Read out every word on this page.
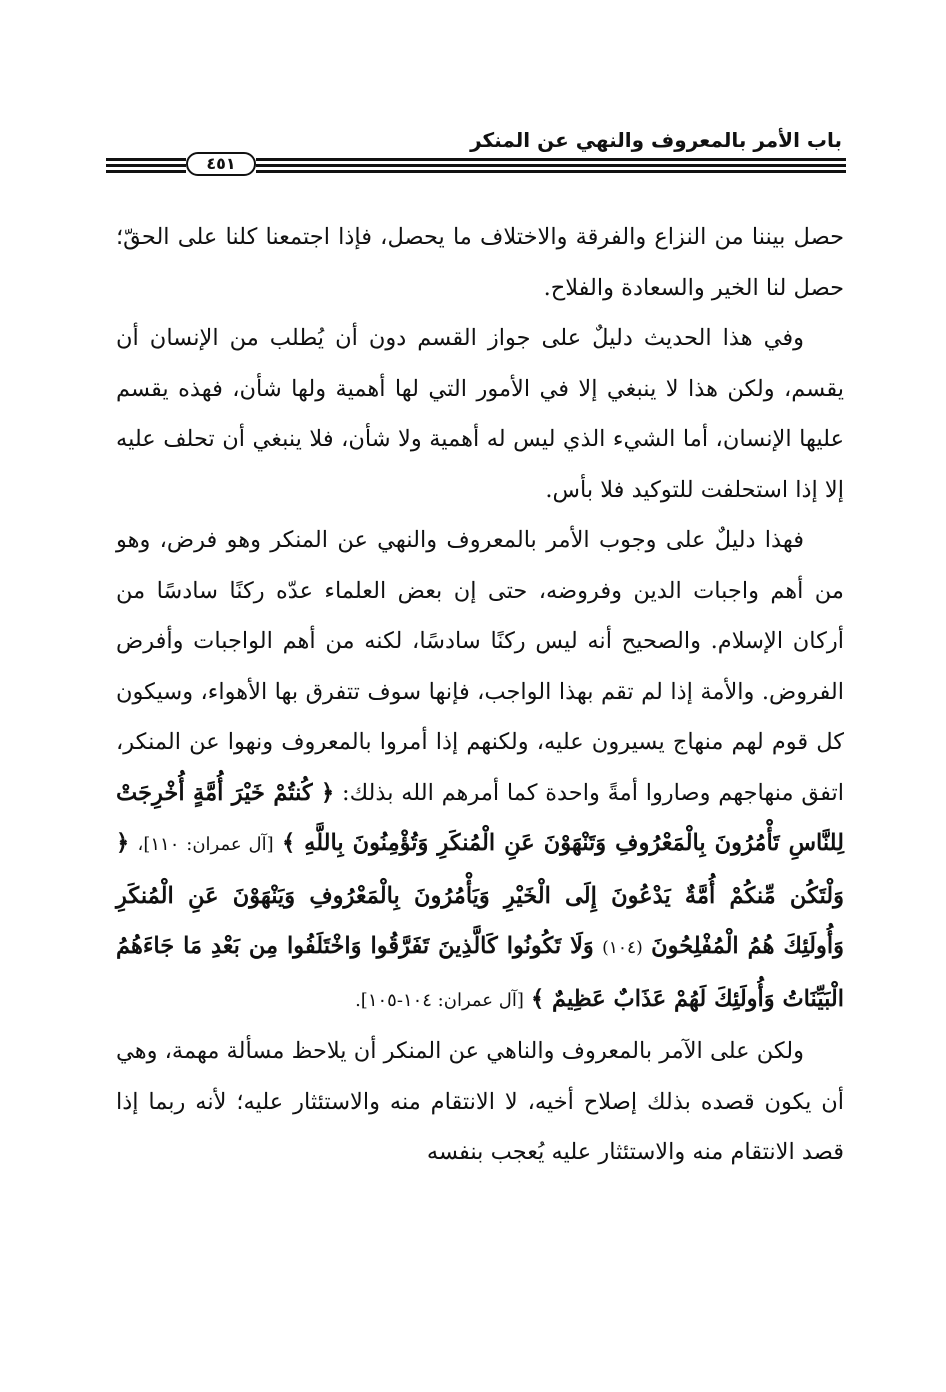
باب الأمر بالمعروف والنهي عن المنكر
٤٥١

حصل بيننا من النزاع والفرقة والاختلاف ما يحصل، فإذا اجتمعنا كلنا على الحقّ؛ حصل لنا الخير والسعادة والفلاح.

وفي هذا الحديث دليلٌ على جواز القسم دون أن يُطلب من الإنسان أن يقسم، ولكن هذا لا ينبغي إلا في الأمور التي لها أهمية ولها شأن، فهذه يقسم عليها الإنسان، أما الشيء الذي ليس له أهمية ولا شأن، فلا ينبغي أن تحلف عليه إلا إذا استحلفت للتوكيد فلا بأس.

فهذا دليلٌ على وجوب الأمر بالمعروف والنهي عن المنكر وهو فرض، وهو من أهم واجبات الدين وفروضه، حتى إن بعض العلماء عدّه ركنًا سادسًا من أركان الإسلام. والصحيح أنه ليس ركنًا سادسًا، لكنه من أهم الواجبات وأفرض الفروض. والأمة إذا لم تقم بهذا الواجب، فإنها سوف تتفرق بها الأهواء، وسيكون كل قوم لهم منهاج يسيرون عليه، ولكنهم إذا أمروا بالمعروف ونهوا عن المنكر، اتفق منهاجهم وصاروا أمةً واحدة كما أمرهم الله بذلك: ﴿ كُنتُمْ خَيْرَ أُمَّةٍ أُخْرِجَتْ لِلنَّاسِ تَأْمُرُونَ بِالْمَعْرُوفِ وَتَنْهَوْنَ عَنِ الْمُنكَرِ وَتُؤْمِنُونَ بِاللَّهِ ﴾ [آل عمران: ١١٠]، ﴿ وَلْتَكُن مِّنكُمْ أُمَّةٌ يَدْعُونَ إِلَى الْخَيْرِ وَيَأْمُرُونَ بِالْمَعْرُوفِ وَيَنْهَوْنَ عَنِ الْمُنكَرِ وَأُولَئِكَ هُمُ الْمُفْلِحُونَ (١٠٤) وَلَا تَكُونُوا كَالَّذِينَ تَفَرَّقُوا وَاخْتَلَفُوا مِن بَعْدِ مَا جَاءَهُمُ الْبَيِّنَاتُ وَأُولَئِكَ لَهُمْ عَذَابٌ عَظِيمٌ ﴾ [آل عمران: ١٠٤-١٠٥].

ولكن على الآمر بالمعروف والناهي عن المنكر أن يلاحظ مسألة مهمة، وهي أن يكون قصده بذلك إصلاح أخيه، لا الانتقام منه والاستئثار عليه؛ لأنه ربما إذا قصد الانتقام منه والاستئثار عليه يُعجب بنفسه
